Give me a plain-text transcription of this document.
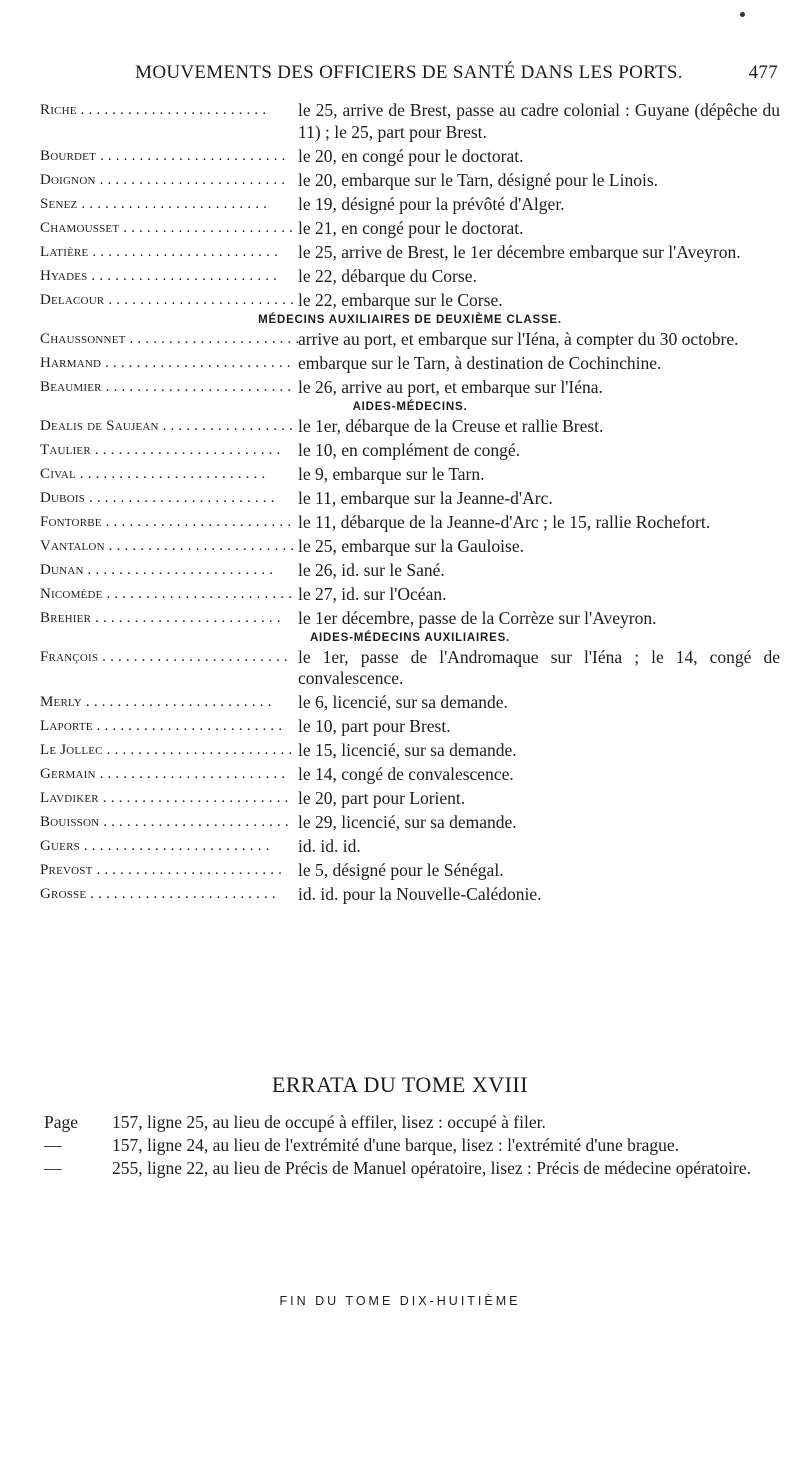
MOUVEMENTS DES OFFICIERS DE SANTÉ DANS LES PORTS.	477
Riche . . .	le 25, arrive de Brest, passe au cadre colonial : Guyane (dépêche du 11) ; le 25, part pour Brest.
Bourdet . . .	le 20, en congé pour le doctorat.
Doignon . . .	le 20, embarque sur le Tarn, désigné pour le Linois.
Senez . . .	le 19, désigné pour la prévôté d'Alger.
Chamousset . . .	le 21, en congé pour le doctorat.
Latière . . .	le 25, arrive de Brest, le 1er décembre embarque sur l'Aveyron.
Hyades . . .	le 22, débarque du Corse.
Delacour . . .	le 22, embarque sur le Corse.
MÉDECINS AUXILIAIRES DE DEUXIÈME CLASSE.
Chaussonnet . . .	arrive au port, et embarque sur l'Iéna, à compter du 30 octobre.
Harmand . . .	embarque sur le Tarn, à destination de Cochinchine.
Beaumier . . .	le 26, arrive au port, et embarque sur l'Iéna.
AIDES-MÉDECINS.
Dealis de Saujean . . .	le 1er, débarque de la Creuse et rallie Brest.
Taulier . . .	le 10, en complément de congé.
Cival . . .	le 9, embarque sur le Tarn.
Dubois . . .	le 11, embarque sur la Jeanne-d'Arc.
Fontorbe . . .	le 11, débarque de la Jeanne-d'Arc ; le 15, rallie Rochefort.
Vantalon . . .	le 25, embarque sur la Gauloise.
Dunan . . .	le 26, id. sur le Sané.
Nicomède . . .	le 27, id. sur l'Océan.
Brehier . . .	le 1er décembre, passe de la Corrèze sur l'Aveyron.
AIDES-MÉDECINS AUXILIAIRES.
François . . .	le 1er, passe de l'Andromaque sur l'Iéna ; le 14, congé de convalescence.
Merly . . .	le 6, licencié, sur sa demande.
Laporte . . .	le 10, part pour Brest.
Le Jollec . . .	le 15, licencié, sur sa demande.
Germain . . .	le 14, congé de convalescence.
Lavdiker . . .	le 20, part pour Lorient.
Bouisson . . .	le 29, licencié, sur sa demande.
Guers . . .	id. id. id.
Prevost . . .	le 5, désigné pour le Sénégal.
Grosse . . .	id. id. pour la Nouvelle-Calédonie.
ERRATA DU TOME XVIII
Page	157, ligne 25, au lieu de occupé à effiler, lisez : occupé à filer.
—	157, ligne 24, au lieu de l'extrémité d'une barque, lisez : l'extrémité d'une brague.
—	255, ligne 22, au lieu de Précis de Manuel opératoire, lisez : Précis de médecine opératoire.
FIN DU TOME DIX-HUITIÈME
